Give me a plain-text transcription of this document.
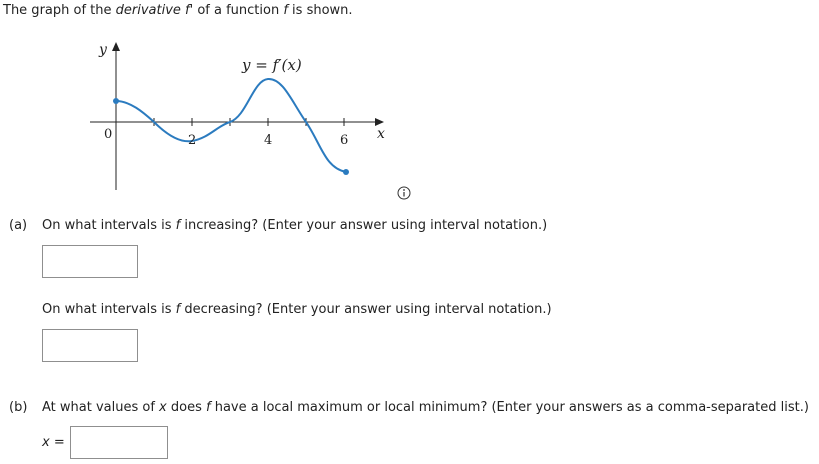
The graph of the derivative f' of a function f is shown.
y
x
y = f′(x)
0	2	4	6
(a) On what intervals is f increasing? (Enter your answer using interval notation.)
On what intervals is f decreasing? (Enter your answer using interval notation.)
(b) At what values of x does f have a local maximum or local minimum? (Enter your answers as a comma-separated list.)
x =
